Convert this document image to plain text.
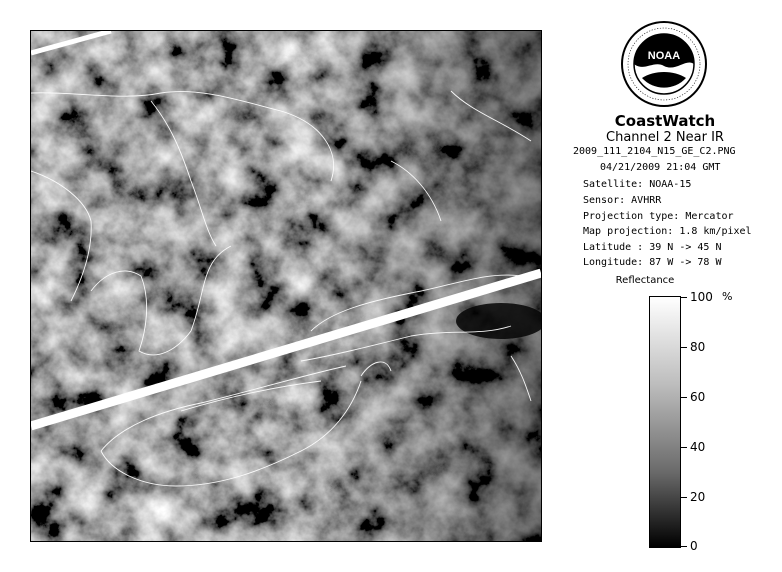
NOAA
CoastWatch
Channel 2 Near IR
2009_111_2104_N15_GE_C2.PNG
04/21/2009 21:04 GMT
Satellite: NOAA-15
Sensor: AVHRR
Projection type: Mercator
Map projection: 1.8 km/pixel
Latitude : 39 N -> 45 N
Longitude: 87 W -> 78 W
Reflectance
%
100
80
60
40
20
0
